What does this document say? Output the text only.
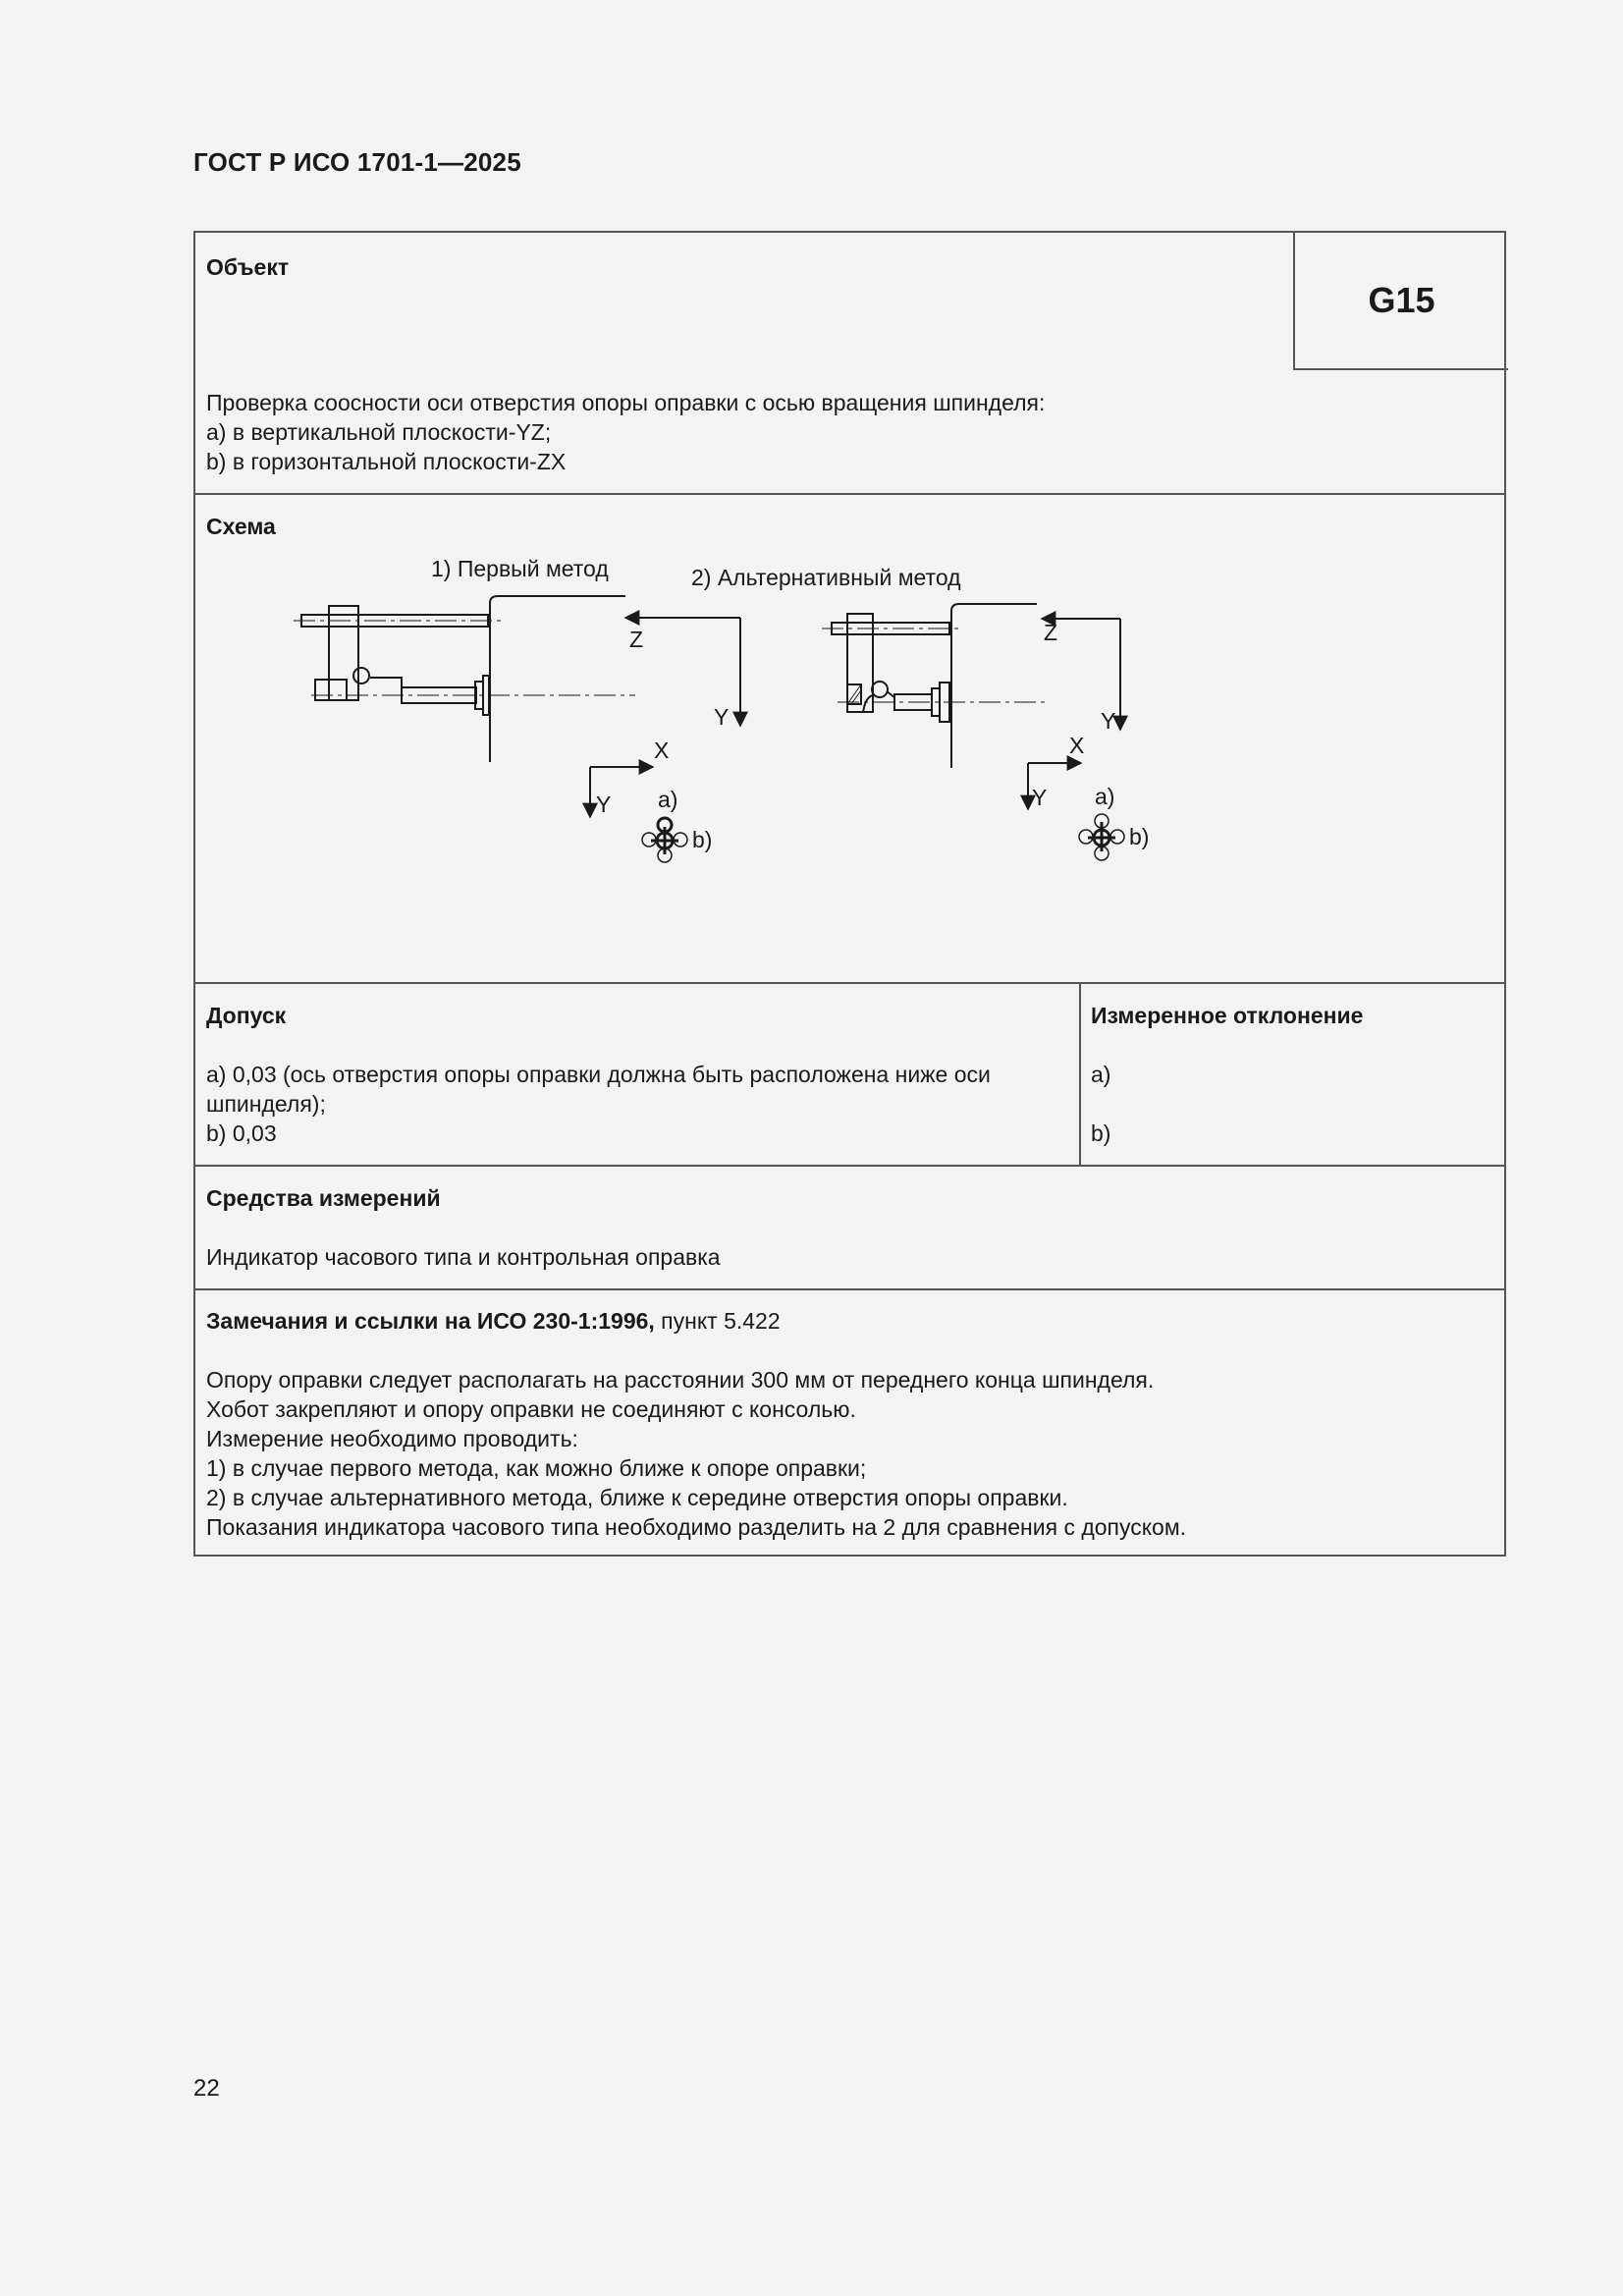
ГОСТ Р ИСО 1701-1—2025
Объект
G15
Проверка соосности оси отверстия опоры оправки с осью вращения шпинделя:
a) в вертикальной плоскости-YZ;
b) в горизонтальной плоскости-ZX
Схема
1) Первый метод
Z
Y
X
Y a)
b)
2) Альтернативный метод
Z
Y
X
Y a)
b)
Допуск
a) 0,03 (ось отверстия опоры оправки должна быть расположена ниже оси
шпинделя);
b) 0,03
Измеренное отклонение
a)
b)
Средства измерений
Индикатор часового типа и контрольная оправка
Замечания и ссылки на ИСО 230-1:1996, пункт 5.422
Опору оправки следует располагать на расстоянии 300 мм от переднего конца шпинделя.
Хобот закрепляют и опору оправки не соединяют с консолью.
Измерение необходимо проводить:
1) в случае первого метода, как можно ближе к опоре оправки;
2) в случае альтернативного метода, ближе к середине отверстия опоры оправки.
Показания индикатора часового типа необходимо разделить на 2 для сравнения с допуском.
22
